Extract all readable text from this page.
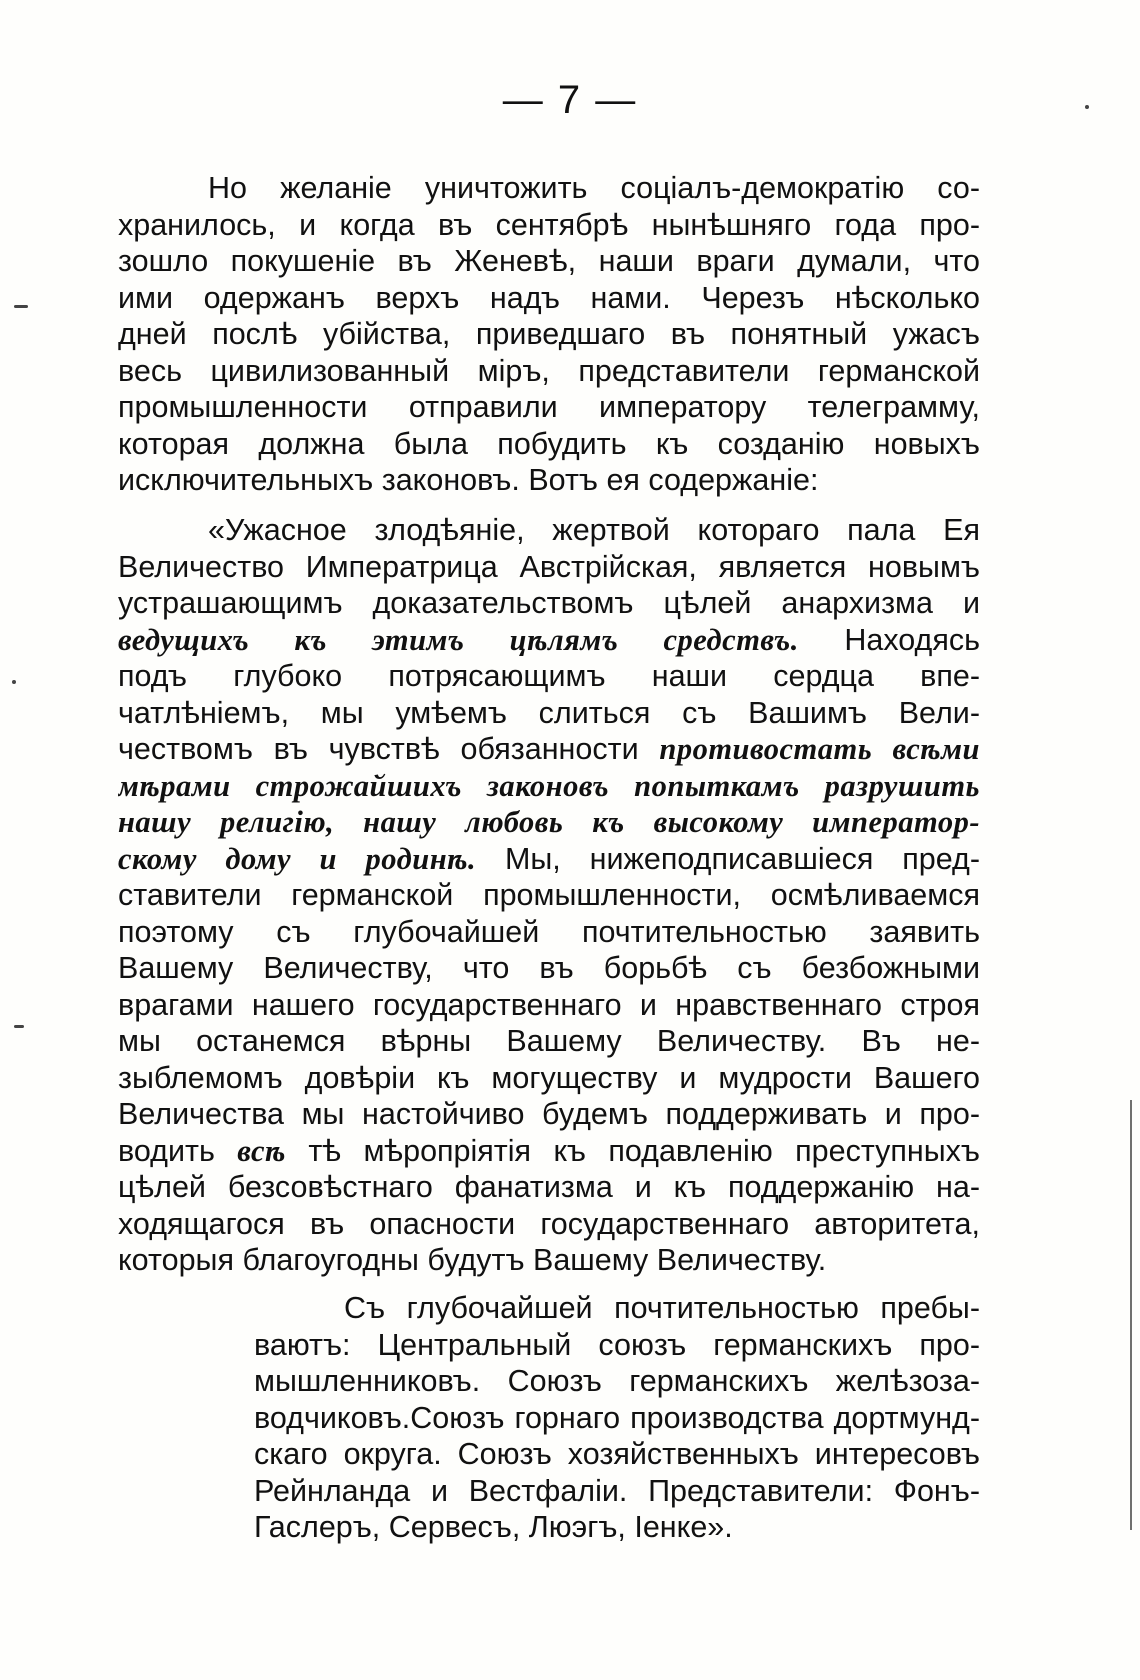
— 7 —
Но желаніе уничтожить соціалъ-демократію со-
хранилось, и когда въ сентябрѣ нынѣшняго года про-
зошло покушеніе въ Женевѣ, наши враги думали, что
ими одержанъ верхъ надъ нами. Черезъ нѣсколько
дней послѣ убійства, приведшаго въ понятный ужасъ
весь цивилизованный міръ, представители германской
промышленности отправили императору телеграмму,
которая должна была побудить къ созданію новыхъ
исключительныхъ законовъ. Вотъ ея содержаніе:
«Ужасное злодѣяніе, жертвой котораго пала Ея
Величество Императрица Австрійская, является новымъ
устрашающимъ доказательствомъ цѣлей анархизма и
ведущихъ къ этимъ цѣлямъ средствъ. Находясь
подъ глубоко потрясающимъ наши сердца впе-
чатлѣніемъ, мы умѣемъ слиться съ Вашимъ Вели-
чествомъ въ чувствѣ обязанности противостать всѣми
мѣрами строжайшихъ законовъ попыткамъ разрушить
нашу религію, нашу любовь къ высокому император-
скому дому и родинѣ. Мы, нижеподписавшіеся пред-
ставители германской промышленности, осмѣливаемся
поэтому съ глубочайшей почтительностью заявить
Вашему Величеству, что въ борьбѣ съ безбожными
врагами нашего государственнаго и нравственнаго строя
мы останемся вѣрны Вашему Величеству. Въ не-
зыблемомъ довѣріи къ могуществу и мудрости Вашего
Величества мы настойчиво будемъ поддерживать и про-
водить всѣ тѣ мѣропріятія къ подавленію преступныхъ
цѣлей безсовѣстнаго фанатизма и къ поддержанію на-
ходящагося въ опасности государственнаго авторитета,
которыя благоугодны будутъ Вашему Величеству.
Съ глубочайшей почтительностью пребы-
ваютъ: Центральный союзъ германскихъ про-
мышленниковъ. Союзъ германскихъ желѣзоза-
водчиковъ.Союзъ горнаго производства дортмунд-
скаго округа. Союзъ хозяйственныхъ интересовъ
Рейнланда и Вестфаліи. Представители: Фонъ-
Гаслеръ, Сервесъ, Люэгъ, Іенке».
